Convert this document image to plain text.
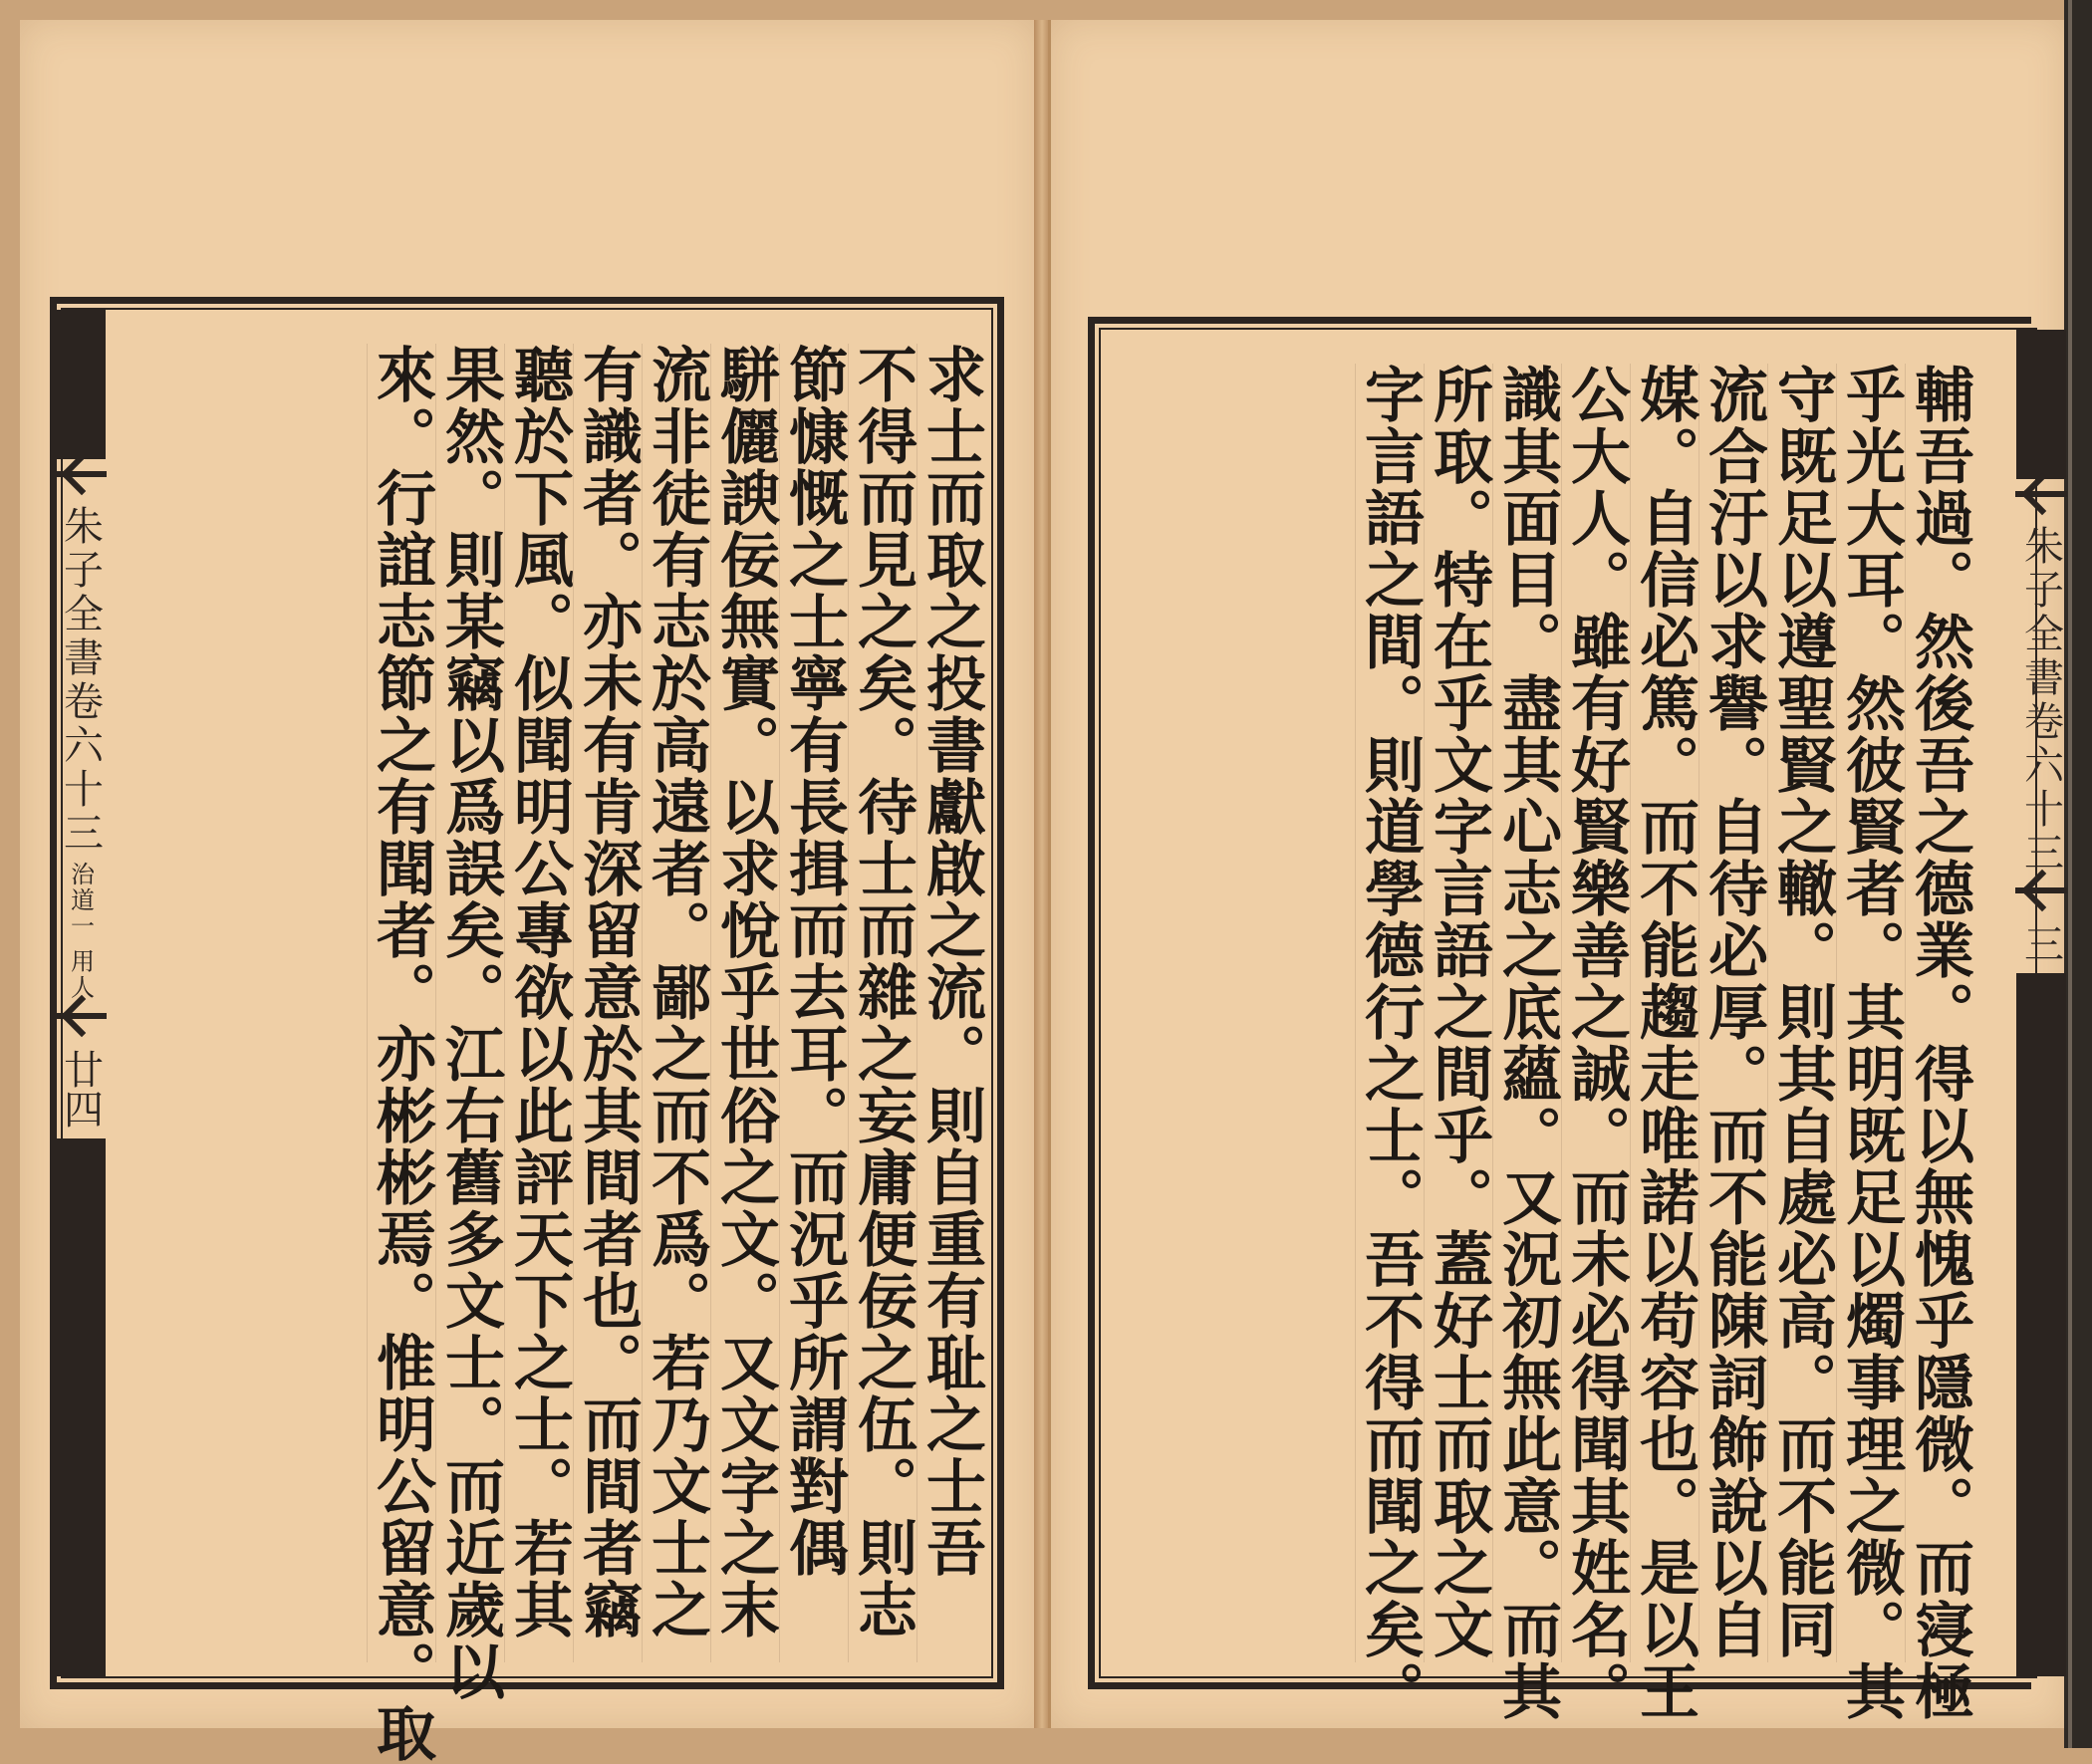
朱子全書卷六十三
治道一 用人
廿四	求士而取之投書獻啟之流。則自重有耻之士吾
不得而見之矣。待士而雜之妄庸便佞之伍。則志
節慷慨之士寧有長揖而去耳。而況乎所謂對偶
駢儷諛佞無實。以求悅乎世俗之文。又文字之末
流非徒有志於高遠者。鄙之而不爲。若乃文士之
有識者。亦未有肯深留意於其間者也。而間者竊
聽於下風。似聞明公專欲以此評天下之士。若其
果然。則某竊以爲誤矣。江右舊多文士。而近歲以
來。行誼志節之有聞者。亦彬彬焉。惟明公留意。取	輔吾過。然後吾之德業。得以無愧乎隱微。而寖極
乎光大耳。然彼賢者。其明既足以燭事理之微。其
守既足以遵聖賢之轍。則其自處必高。而不能同
流合汙以求譽。自待必厚。而不能陳詞飾說以自
媒。自信必篤。而不能趨走唯諾以苟容也。是以王
公大人。雖有好賢樂善之誠。而未必得聞其姓名。
識其面目。盡其心志之底蘊。又況初無此意。而其
所取。特在乎文字言語之間乎。蓋好士而取之文
字言語之間。則道學德行之士。吾不得而聞之矣。	朱子全書卷六十三
三
